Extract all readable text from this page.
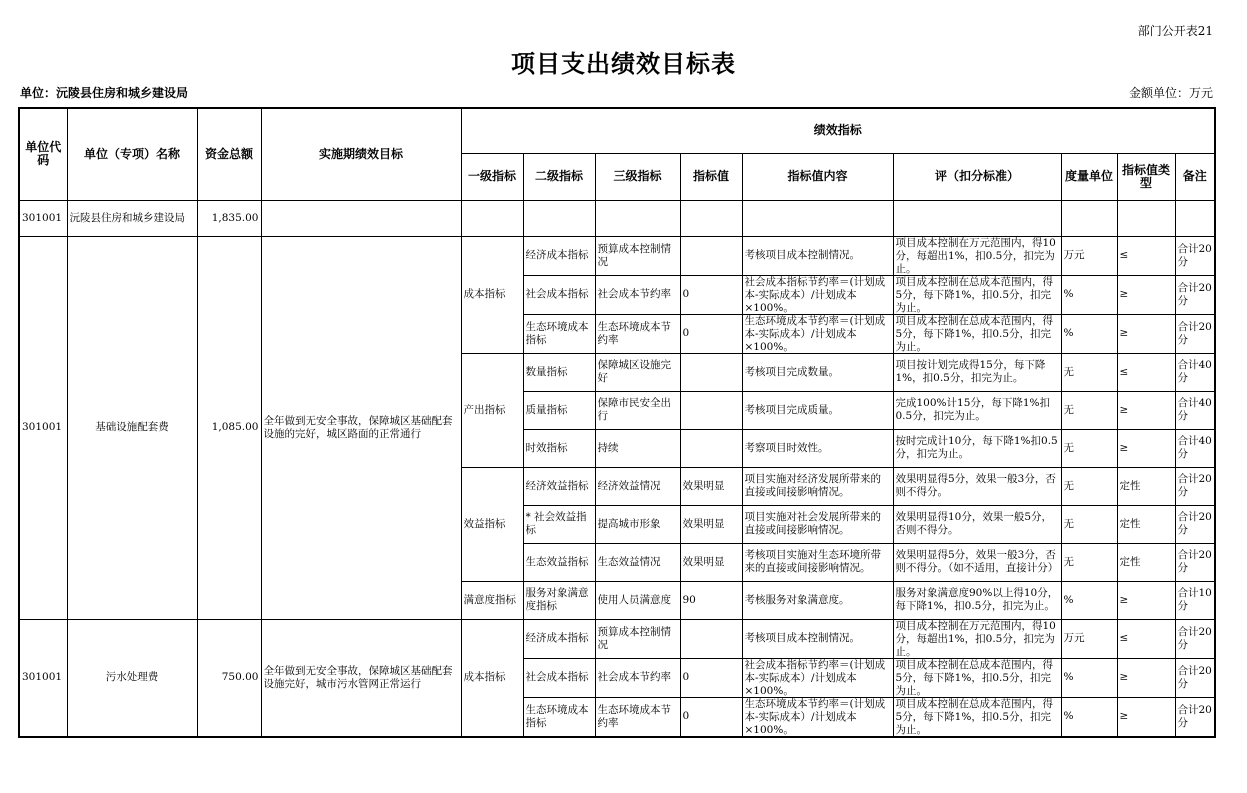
部门公开表21
项目支出绩效目标表
单位：沅陵县住房和城乡建设局	金额单位：万元
单位代码	单位（专项）名称	资金总额	实施期绩效目标	绩效指标								
				一级指标	二级指标	三级指标	指标值	指标值内容	评（扣分标准）	度量单位	指标值类型	备注
301001	沅陵县住房和城乡建设局	1,835.00										

301001	基础设施配套费	1,085.00	全年做到无安全事故，保障城区基础配套设施的完好，城区路面的正常通行	成本指标	经济成本指标	预算成本控制情况		考核项目成本控制情况。	项目成本控制在万元范围内，得10分，每超出1%，扣0.5分，扣完为止。	万元	≤	合计20分

					社会成本指标	社会成本节约率	0	社会成本指标节约率＝(计划成本-实际成本）/计划成本×100%。	项目成本控制在总成本范围内，得5分，每下降1%，扣0.5分，扣完为止。	%	≥	合计20分

					生态环境成本指标	生态环境成本节约率	0	生态环境成本节约率＝(计划成本-实际成本）/计划成本×100%。	项目成本控制在总成本范围内，得5分，每下降1%，扣0.5分，扣完为止。	%	≥	合计20分

				产出指标	数量指标	保障城区设施完好		考核项目完成数量。	项目按计划完成得15分，每下降1%，扣0.5分，扣完为止。	无	≤	合计40分

					质量指标	保障市民安全出行		考核项目完成质量。	完成100%计15分，每下降1%扣0.5分，扣完为止。	无	≥	合计40分

					时效指标	持续		考察项目时效性。	按时完成计10分，每下降1%扣0.5分，扣完为止。	无	≥	合计40分

				效益指标	经济效益指标	经济效益情况	效果明显	项目实施对经济发展所带来的直接或间接影响情况。	效果明显得5分，效果一般3分，否则不得分。	无	定性	合计20分

					* 社会效益指标	提高城市形象	效果明显	项目实施对社会发展所带来的直接或间接影响情况。	效果明显得10分，效果一般5分，否则不得分。	无	定性	合计20分

					生态效益指标	生态效益情况	效果明显	考核项目实施对生态环境所带来的直接或间接影响情况。	效果明显得5分，效果一般3分，否则不得分。（如不适用，直接计分）	无	定性	合计20分

				满意度指标	服务对象满意度指标	使用人员满意度	90	考核服务对象满意度。	服务对象满意度90%以上得10分，每下降1%，扣0.5分，扣完为止。	%	≥	合计10分

301001	污水处理费	750.00	全年做到无安全事故，保障城区基础配套设施完好，城市污水管网正常运行	成本指标	经济成本指标	预算成本控制情况		考核项目成本控制情况。	项目成本控制在万元范围内，得10分，每超出1%，扣0.5分，扣完为止。	万元	≤	合计20分

					社会成本指标	社会成本节约率	0	社会成本指标节约率＝(计划成本-实际成本）/计划成本×100%。	项目成本控制在总成本范围内，得5分，每下降1%，扣0.5分，扣完为止。	%	≥	合计20分

					生态环境成本指标	生态环境成本节约率	0	生态环境成本节约率＝(计划成本-实际成本）/计划成本×100%。	项目成本控制在总成本范围内，得5分，每下降1%，扣0.5分，扣完为止。	%	≥	合计20分
